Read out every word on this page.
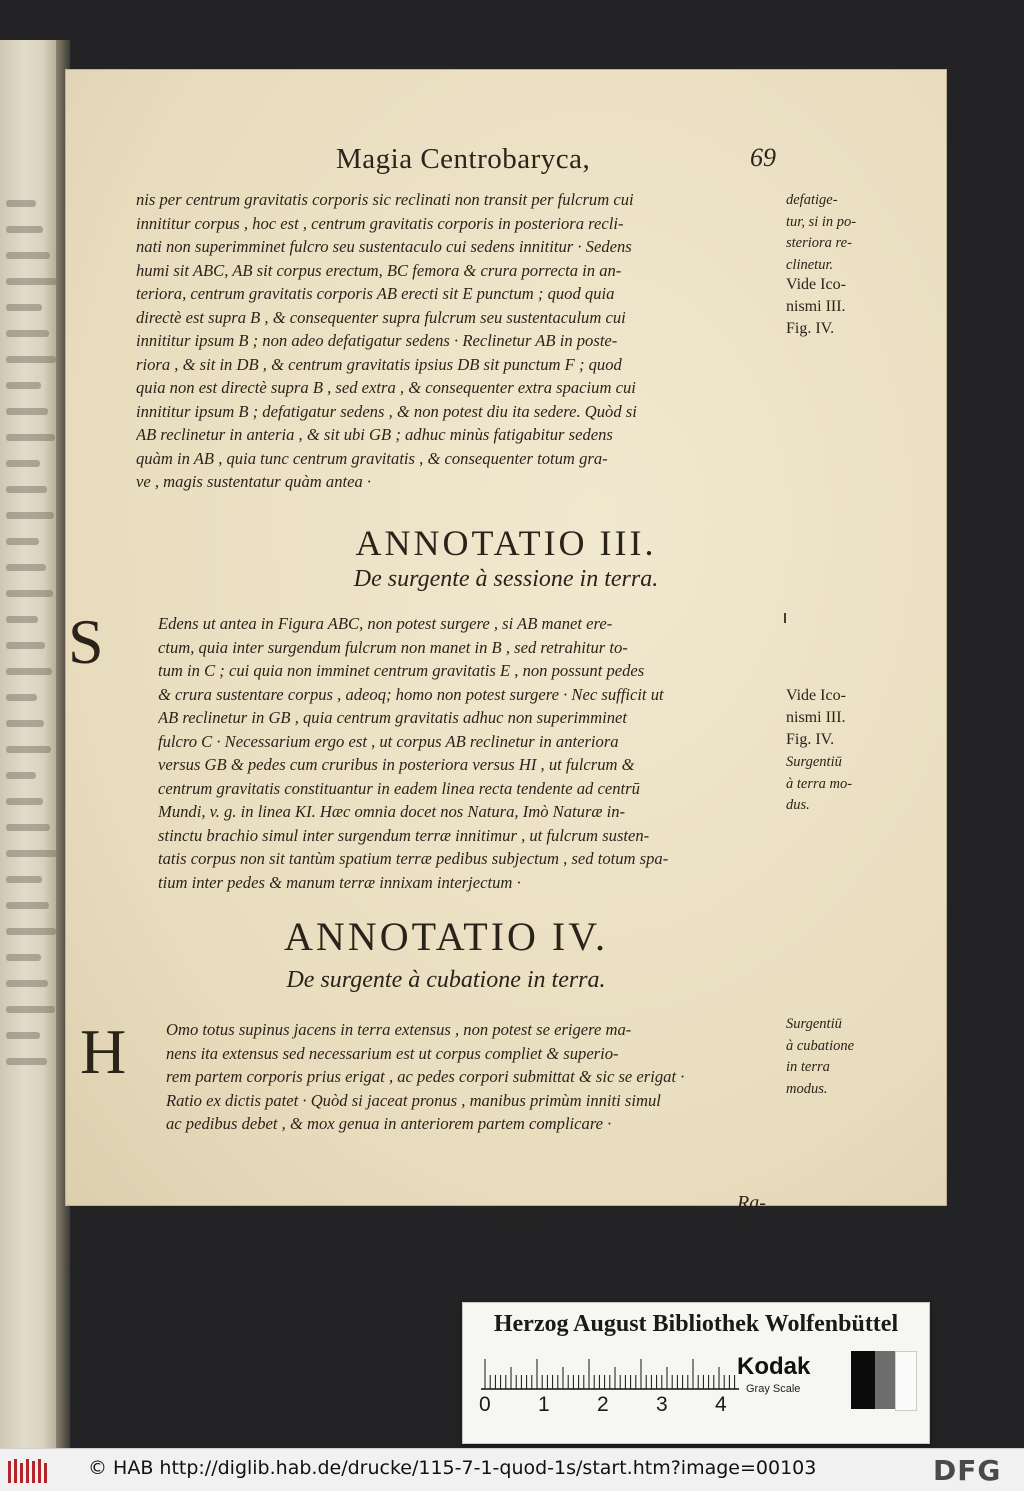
Magia Centrobaryca,	69
nis per centrum gravitatis corporis sic reclinati non transit per fulcrum cui
innititur corpus , hoc est , centrum gravitatis corporis in posteriora recli-
nati non superimminet fulcro seu sustentaculo cui sedens innititur · Sedens
humi sit ABC, AB sit corpus erectum, BC femora & crura porrecta in an-
teriora, centrum gravitatis corporis AB erecti sit E punctum ; quod quia
directè est supra B , & consequenter supra fulcrum seu sustentaculum cui
innititur ipsum B ; non adeo defatigatur sedens · Reclinetur AB in poste-
riora , & sit in DB , & centrum gravitatis ipsius DB sit punctum F ; quod
quia non est directè supra B , sed extra , & consequenter extra spacium cui
innititur ipsum B ; defatigatur sedens , & non potest diu ita sedere. Quòd si
AB reclinetur in anteria , & sit ubi GB ; adhuc minùs fatigabitur sedens
quàm in AB , quia tunc centrum gravitatis , & consequenter totum gra-
ve , magis sustentatur quàm antea ·
defatige-
tur, si in po-
steriora re-
clinetur.
Vide Ico-
nismi III.
Fig. IV.
ANNOTATIO III.
De surgente à sessione in terra.
S	Edens ut antea in Figura ABC, non potest surgere , si AB manet ere-
ctum, quia inter surgendum fulcrum non manet in B , sed retrahitur to-
tum in C ; cui quia non imminet centrum gravitatis E , non possunt pedes
& crura sustentare corpus , adeoq; homo non potest surgere · Nec sufficit ut
AB reclinetur in GB , quia centrum gravitatis adhuc non superimminet
fulcro C · Necessarium ergo est , ut corpus AB reclinetur in anteriora
versus GB & pedes cum cruribus in posteriora versus HI , ut fulcrum &
centrum gravitatis constituantur in eadem linea recta tendente ad centrū
Mundi, v. g. in linea KI. Hæc omnia docet nos Natura, Imò Naturæ in-
stinctu brachio simul inter surgendum terræ innitimur , ut fulcrum susten-
tatis corpus non sit tantùm spatium terræ pedibus subjectum , sed totum spa-
tium inter pedes & manum terræ innixam interjectum ·
Vide Ico-
nismi III.
Fig. IV.
Surgentiū
à terra mo-
dus.
ANNOTATIO IV.
De surgente à cubatione in terra.
H Omo totus supinus jacens in terra extensus , non potest se erigere ma-
nens ita extensus sed necessarium est ut corpus compliet & superio-
rem partem corporis prius erigat , ac pedes corpori submittat & sic se erigat ·
Ratio ex dictis patet · Quòd si jaceat pronus , manibus primùm inniti simul
ac pedibus debet , & mox genua in anteriorem partem complicare ·
Surgentiū
à cubatione
in terra
modus.
L 3	Ra-
tio
Herzog August Bibliothek Wolfenbüttel
0 1 2 3 4
Kodak
Gray Scale
© HAB http://diglib.hab.de/drucke/115-7-1-quod-1s/start.htm?image=00103	DFG
